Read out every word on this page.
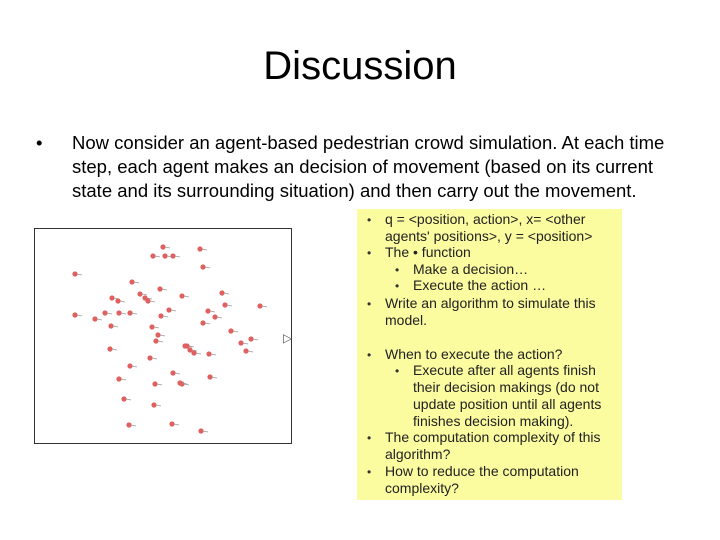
Discussion
• Now consider an agent-based pedestrian crowd simulation. At each time step, each agent makes an decision of movement (based on its current state and its surrounding situation) and then carry out the movement.
▷
• q = <position, action>, x= <other
agents' positions>, y = <position>
• The • function
• Make a decision…
• Execute the action …
• Write an algorithm to simulate this
model.
• When to execute the action?
• Execute after all agents finish
their decision makings (do not
update position until all agents
finishes decision making).
• The computation complexity of this
algorithm?
• How to reduce the computation
complexity?
